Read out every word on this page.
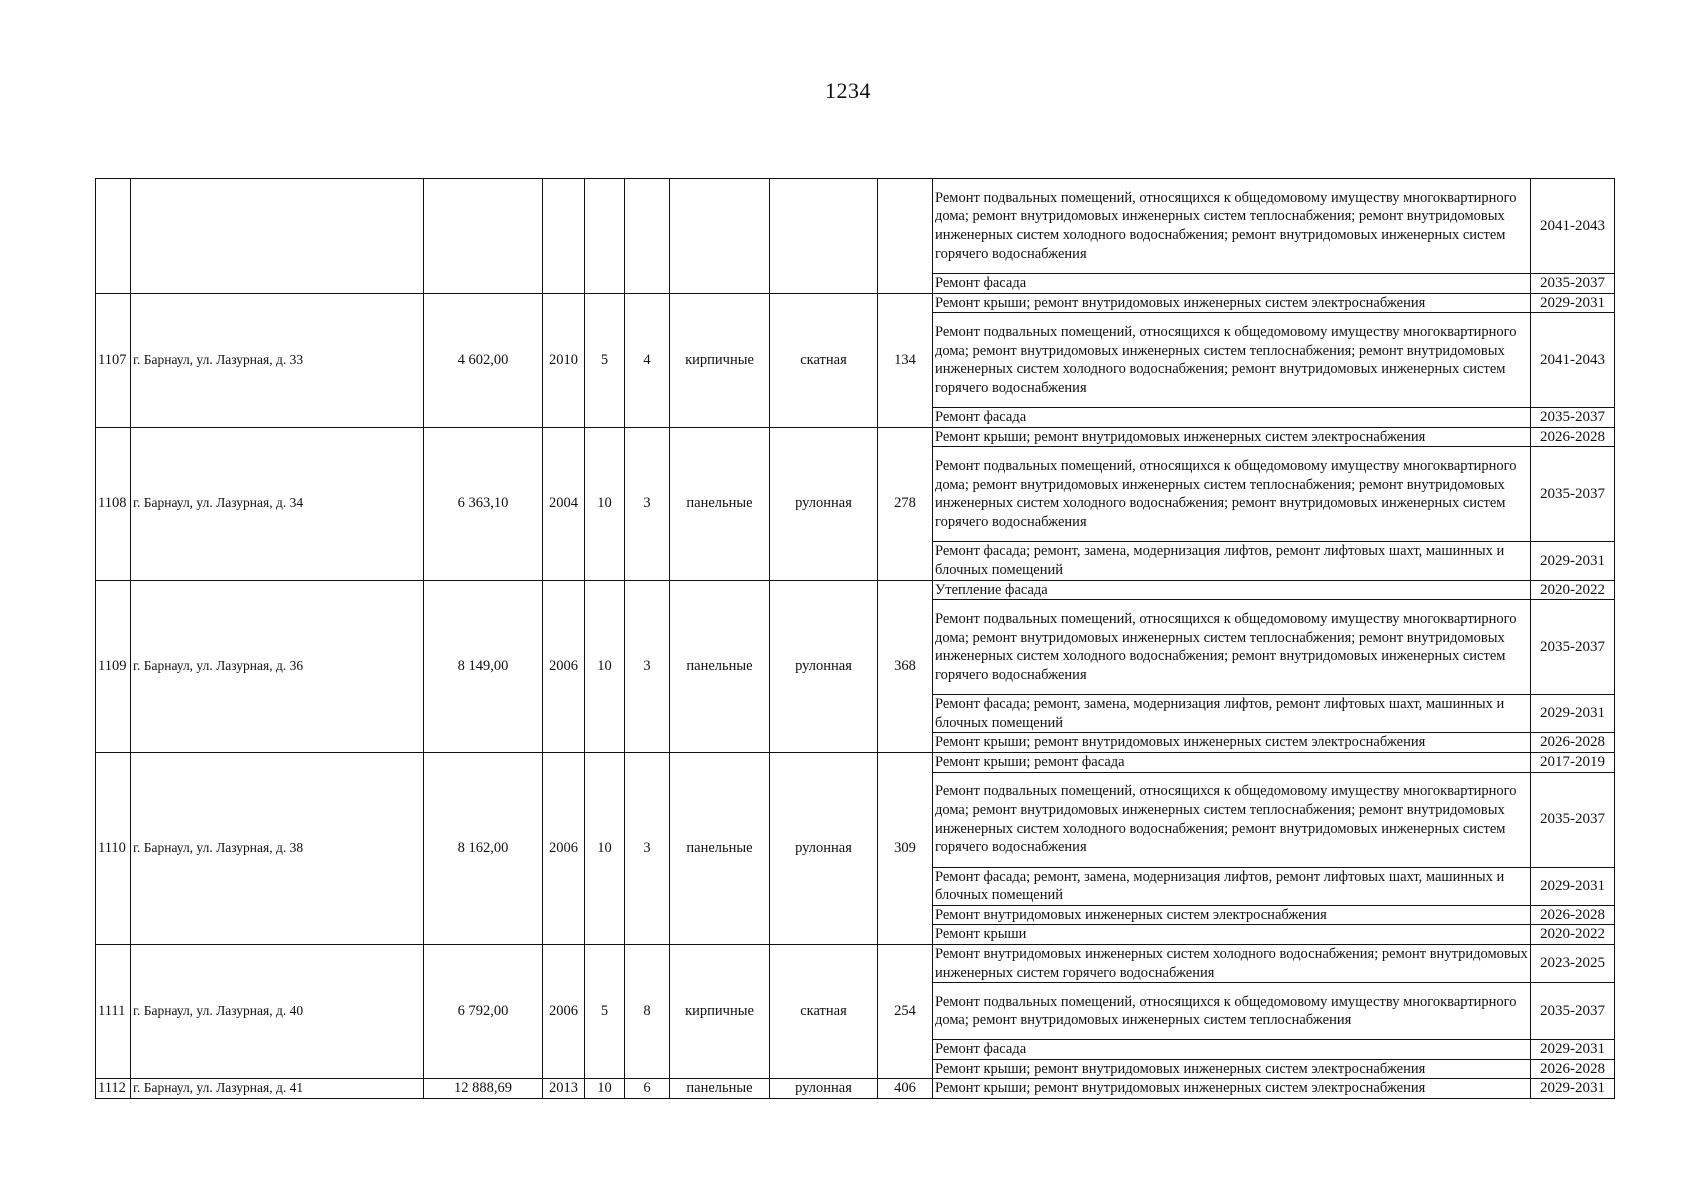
1234
									Ремонт подвальных помещений, относящихся к общедомовому имуществу многоквартирного дома; ремонт внутридомовых инженерных систем теплоснабжения; ремонт внутридомовых инженерных систем холодного водоснабжения; ремонт внутридомовых инженерных систем горячего водоснабжения	2041-2043
									Ремонт фасада	2035-2037
1107	г. Барнаул, ул. Лазурная, д. 33	4 602,00	2010	5	4	кирпичные	скатная	134	Ремонт крыши; ремонт внутридомовых инженерных систем электроснабжения	2029-2031
									Ремонт подвальных помещений, относящихся к общедомовому имуществу многоквартирного дома; ремонт внутридомовых инженерных систем теплоснабжения; ремонт внутридомовых инженерных систем холодного водоснабжения; ремонт внутридомовых инженерных систем горячего водоснабжения	2041-2043
									Ремонт фасада	2035-2037
1108	г. Барнаул, ул. Лазурная, д. 34	6 363,10	2004	10	3	панельные	рулонная	278	Ремонт крыши; ремонт внутридомовых инженерных систем электроснабжения	2026-2028
									Ремонт подвальных помещений, относящихся к общедомовому имуществу многоквартирного дома; ремонт внутридомовых инженерных систем теплоснабжения; ремонт внутридомовых инженерных систем холодного водоснабжения; ремонт внутридомовых инженерных систем горячего водоснабжения	2035-2037
									Ремонт фасада; ремонт, замена, модернизация лифтов, ремонт лифтовых шахт, машинных и блочных помещений	2029-2031
1109	г. Барнаул, ул. Лазурная, д. 36	8 149,00	2006	10	3	панельные	рулонная	368	Утепление фасада	2020-2022
									Ремонт подвальных помещений, относящихся к общедомовому имуществу многоквартирного дома; ремонт внутридомовых инженерных систем теплоснабжения; ремонт внутридомовых инженерных систем холодного водоснабжения; ремонт внутридомовых инженерных систем горячего водоснабжения	2035-2037
									Ремонт фасада; ремонт, замена, модернизация лифтов, ремонт лифтовых шахт, машинных и блочных помещений	2029-2031
									Ремонт крыши; ремонт внутридомовых инженерных систем электроснабжения	2026-2028
1110	г. Барнаул, ул. Лазурная, д. 38	8 162,00	2006	10	3	панельные	рулонная	309	Ремонт крыши; ремонт фасада	2017-2019
									Ремонт подвальных помещений, относящихся к общедомовому имуществу многоквартирного дома; ремонт внутридомовых инженерных систем теплоснабжения; ремонт внутридомовых инженерных систем холодного водоснабжения; ремонт внутридомовых инженерных систем горячего водоснабжения	2035-2037
									Ремонт фасада; ремонт, замена, модернизация лифтов, ремонт лифтовых шахт, машинных и блочных помещений	2029-2031
									Ремонт внутридомовых инженерных систем электроснабжения	2026-2028
									Ремонт крыши	2020-2022
1111	г. Барнаул, ул. Лазурная, д. 40	6 792,00	2006	5	8	кирпичные	скатная	254	Ремонт внутридомовых инженерных систем холодного водоснабжения; ремонт внутридомовых инженерных систем горячего водоснабжения	2023-2025
									Ремонт подвальных помещений, относящихся к общедомовому имуществу многоквартирного дома; ремонт внутридомовых инженерных систем теплоснабжения	2035-2037
									Ремонт фасада	2029-2031
									Ремонт крыши; ремонт внутридомовых инженерных систем электроснабжения	2026-2028
1112	г. Барнаул, ул. Лазурная, д. 41	12 888,69	2013	10	6	панельные	рулонная	406	Ремонт крыши; ремонт внутридомовых инженерных систем электроснабжения	2029-2031
